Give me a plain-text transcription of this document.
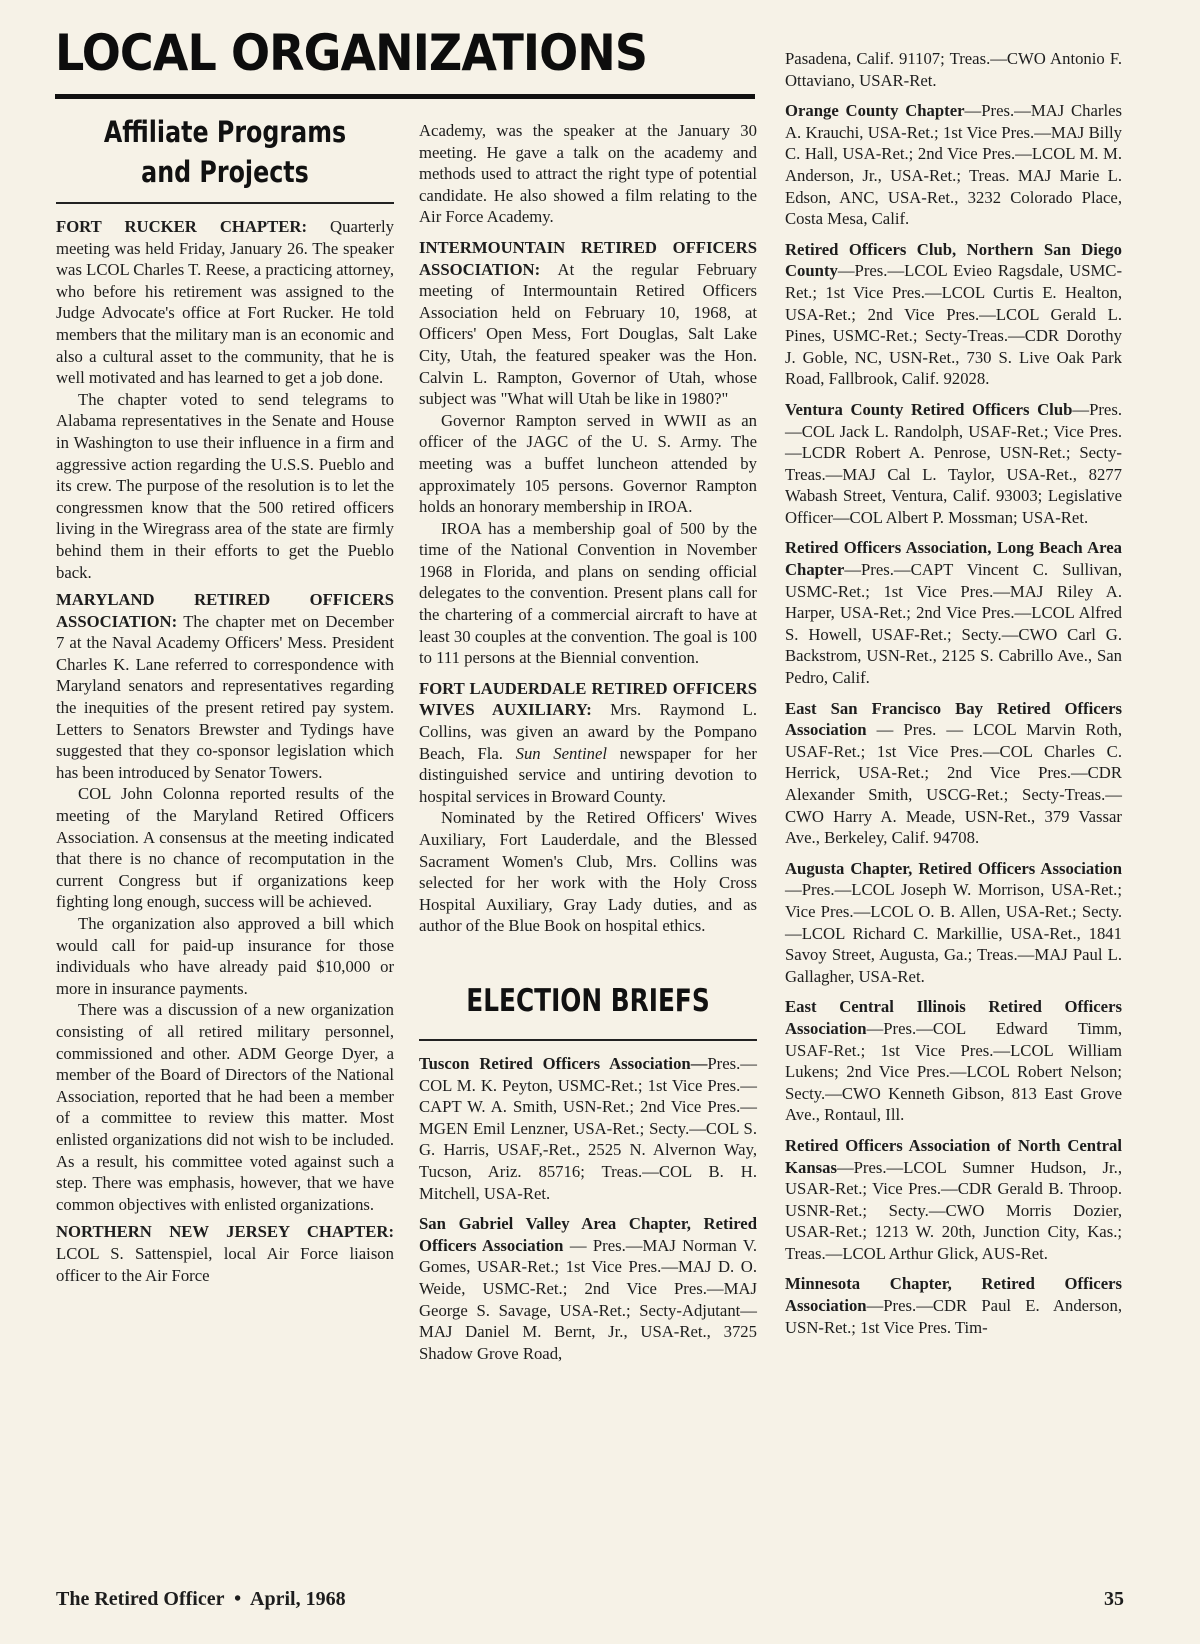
LOCAL ORGANIZATIONS
Affiliate Programs
and Projects

FORT RUCKER CHAPTER: Quarterly meeting was held Friday, January 26. The speaker was LCOL Charles T. Reese, a practicing attorney, who before his retirement was assigned to the Judge Advocate's office at Fort Rucker. He told members that the military man is an economic and also a cultural asset to the community, that he is well motivated and has learned to get a job done.

The chapter voted to send telegrams to Alabama representatives in the Senate and House in Washington to use their influence in a firm and aggressive action regarding the U.S.S. Pueblo and its crew. The purpose of the resolution is to let the congressmen know that the 500 retired officers living in the Wiregrass area of the state are firmly behind them in their efforts to get the Pueblo back.

MARYLAND RETIRED OFFICERS ASSOCIATION: The chapter met on December 7 at the Naval Academy Officers' Mess. President Charles K. Lane referred to correspondence with Maryland senators and representatives regarding the inequities of the present retired pay system. Letters to Senators Brewster and Tydings have suggested that they co-sponsor legislation which has been introduced by Senator Towers.

COL John Colonna reported results of the meeting of the Maryland Retired Officers Association. A consensus at the meeting indicated that there is no chance of recomputation in the current Congress but if organizations keep fighting long enough, success will be achieved.

The organization also approved a bill which would call for paid-up insurance for those individuals who have already paid $10,000 or more in insurance payments.

There was a discussion of a new organization consisting of all retired military personnel, commissioned and other. ADM George Dyer, a member of the Board of Directors of the National Association, reported that he had been a member of a committee to review this matter. Most enlisted organizations did not wish to be included. As a result, his committee voted against such a step. There was emphasis, however, that we have common objectives with enlisted organizations.

NORTHERN NEW JERSEY CHAPTER: LCOL S. Sattenspiel, local Air Force liaison officer to the Air Force

Academy, was the speaker at the January 30 meeting. He gave a talk on the academy and methods used to attract the right type of potential candidate. He also showed a film relating to the Air Force Academy.

INTERMOUNTAIN RETIRED OFFICERS ASSOCIATION: At the regular February meeting of Intermountain Retired Officers Association held on February 10, 1968, at Officers' Open Mess, Fort Douglas, Salt Lake City, Utah, the featured speaker was the Hon. Calvin L. Rampton, Governor of Utah, whose subject was "What will Utah be like in 1980?"

Governor Rampton served in WWII as an officer of the JAGC of the U. S. Army. The meeting was a buffet luncheon attended by approximately 105 persons. Governor Rampton holds an honorary membership in IROA.

IROA has a membership goal of 500 by the time of the National Convention in November 1968 in Florida, and plans on sending official delegates to the convention. Present plans call for the chartering of a commercial aircraft to have at least 30 couples at the convention. The goal is 100 to 111 persons at the Biennial convention.

FORT LAUDERDALE RETIRED OFFICERS WIVES AUXILIARY: Mrs. Raymond L. Collins, was given an award by the Pompano Beach, Fla. Sun Sentinel newspaper for her distinguished service and untiring devotion to hospital services in Broward County.

Nominated by the Retired Officers' Wives Auxiliary, Fort Lauderdale, and the Blessed Sacrament Women's Club, Mrs. Collins was selected for her work with the Holy Cross Hospital Auxiliary, Gray Lady duties, and as author of the Blue Book on hospital ethics.

ELECTION BRIEFS

Tuscon Retired Officers Association—Pres.—COL M. K. Peyton, USMC-Ret.; 1st Vice Pres.—CAPT W. A. Smith, USN-Ret.; 2nd Vice Pres.—MGEN Emil Lenzner, USA-Ret.; Secty.—COL S. G. Harris, USAF,-Ret., 2525 N. Alvernon Way, Tucson, Ariz. 85716; Treas.—COL B. H. Mitchell, USA-Ret.

San Gabriel Valley Area Chapter, Retired Officers Association — Pres.—MAJ Norman V. Gomes, USAR-Ret.; 1st Vice Pres.—MAJ D. O. Weide, USMC-Ret.; 2nd Vice Pres.—MAJ George S. Savage, USA-Ret.; Secty-Adjutant—MAJ Daniel M. Bernt, Jr., USA-Ret., 3725 Shadow Grove Road,

Pasadena, Calif. 91107; Treas.—CWO Antonio F. Ottaviano, USAR-Ret.

Orange County Chapter—Pres.—MAJ Charles A. Krauchi, USA-Ret.; 1st Vice Pres.—MAJ Billy C. Hall, USA-Ret.; 2nd Vice Pres.—LCOL M. M. Anderson, Jr., USA-Ret.; Treas. MAJ Marie L. Edson, ANC, USA-Ret., 3232 Colorado Place, Costa Mesa, Calif.

Retired Officers Club, Northern San Diego County—Pres.—LCOL Evieo Ragsdale, USMC-Ret.; 1st Vice Pres.—LCOL Curtis E. Healton, USA-Ret.; 2nd Vice Pres.—LCOL Gerald L. Pines, USMC-Ret.; Secty-Treas.—CDR Dorothy J. Goble, NC, USN-Ret., 730 S. Live Oak Park Road, Fallbrook, Calif. 92028.

Ventura County Retired Officers Club—Pres.—COL Jack L. Randolph, USAF-Ret.; Vice Pres.—LCDR Robert A. Penrose, USN-Ret.; Secty-Treas.—MAJ Cal L. Taylor, USA-Ret., 8277 Wabash Street, Ventura, Calif. 93003; Legislative Officer—COL Albert P. Mossman; USA-Ret.

Retired Officers Association, Long Beach Area Chapter—Pres.—CAPT Vincent C. Sullivan, USMC-Ret.; 1st Vice Pres.—MAJ Riley A. Harper, USA-Ret.; 2nd Vice Pres.—LCOL Alfred S. Howell, USAF-Ret.; Secty.—CWO Carl G. Backstrom, USN-Ret., 2125 S. Cabrillo Ave., San Pedro, Calif.

East San Francisco Bay Retired Officers Association — Pres. — LCOL Marvin Roth, USAF-Ret.; 1st Vice Pres.—COL Charles C. Herrick, USA-Ret.; 2nd Vice Pres.—CDR Alexander Smith, USCG-Ret.; Secty-Treas.—CWO Harry A. Meade, USN-Ret., 379 Vassar Ave., Berkeley, Calif. 94708.

Augusta Chapter, Retired Officers Association—Pres.—LCOL Joseph W. Morrison, USA-Ret.; Vice Pres.—LCOL O. B. Allen, USA-Ret.; Secty.—LCOL Richard C. Markillie, USA-Ret., 1841 Savoy Street, Augusta, Ga.; Treas.—MAJ Paul L. Gallagher, USA-Ret.

East Central Illinois Retired Officers Association—Pres.—COL Edward Timm, USAF-Ret.; 1st Vice Pres.—LCOL William Lukens; 2nd Vice Pres.—LCOL Robert Nelson; Secty.—CWO Kenneth Gibson, 813 East Grove Ave., Rontaul, Ill.

Retired Officers Association of North Central Kansas—Pres.—LCOL Sumner Hudson, Jr., USAR-Ret.; Vice Pres.—CDR Gerald B. Throop. USNR-Ret.; Secty.—CWO Morris Dozier, USAR-Ret.; 1213 W. 20th, Junction City, Kas.; Treas.—LCOL Arthur Glick, AUS-Ret.

Minnesota Chapter, Retired Officers Association—Pres.—CDR Paul E. Anderson, USN-Ret.; 1st Vice Pres. Tim-

The Retired Officer • April, 1968	35
